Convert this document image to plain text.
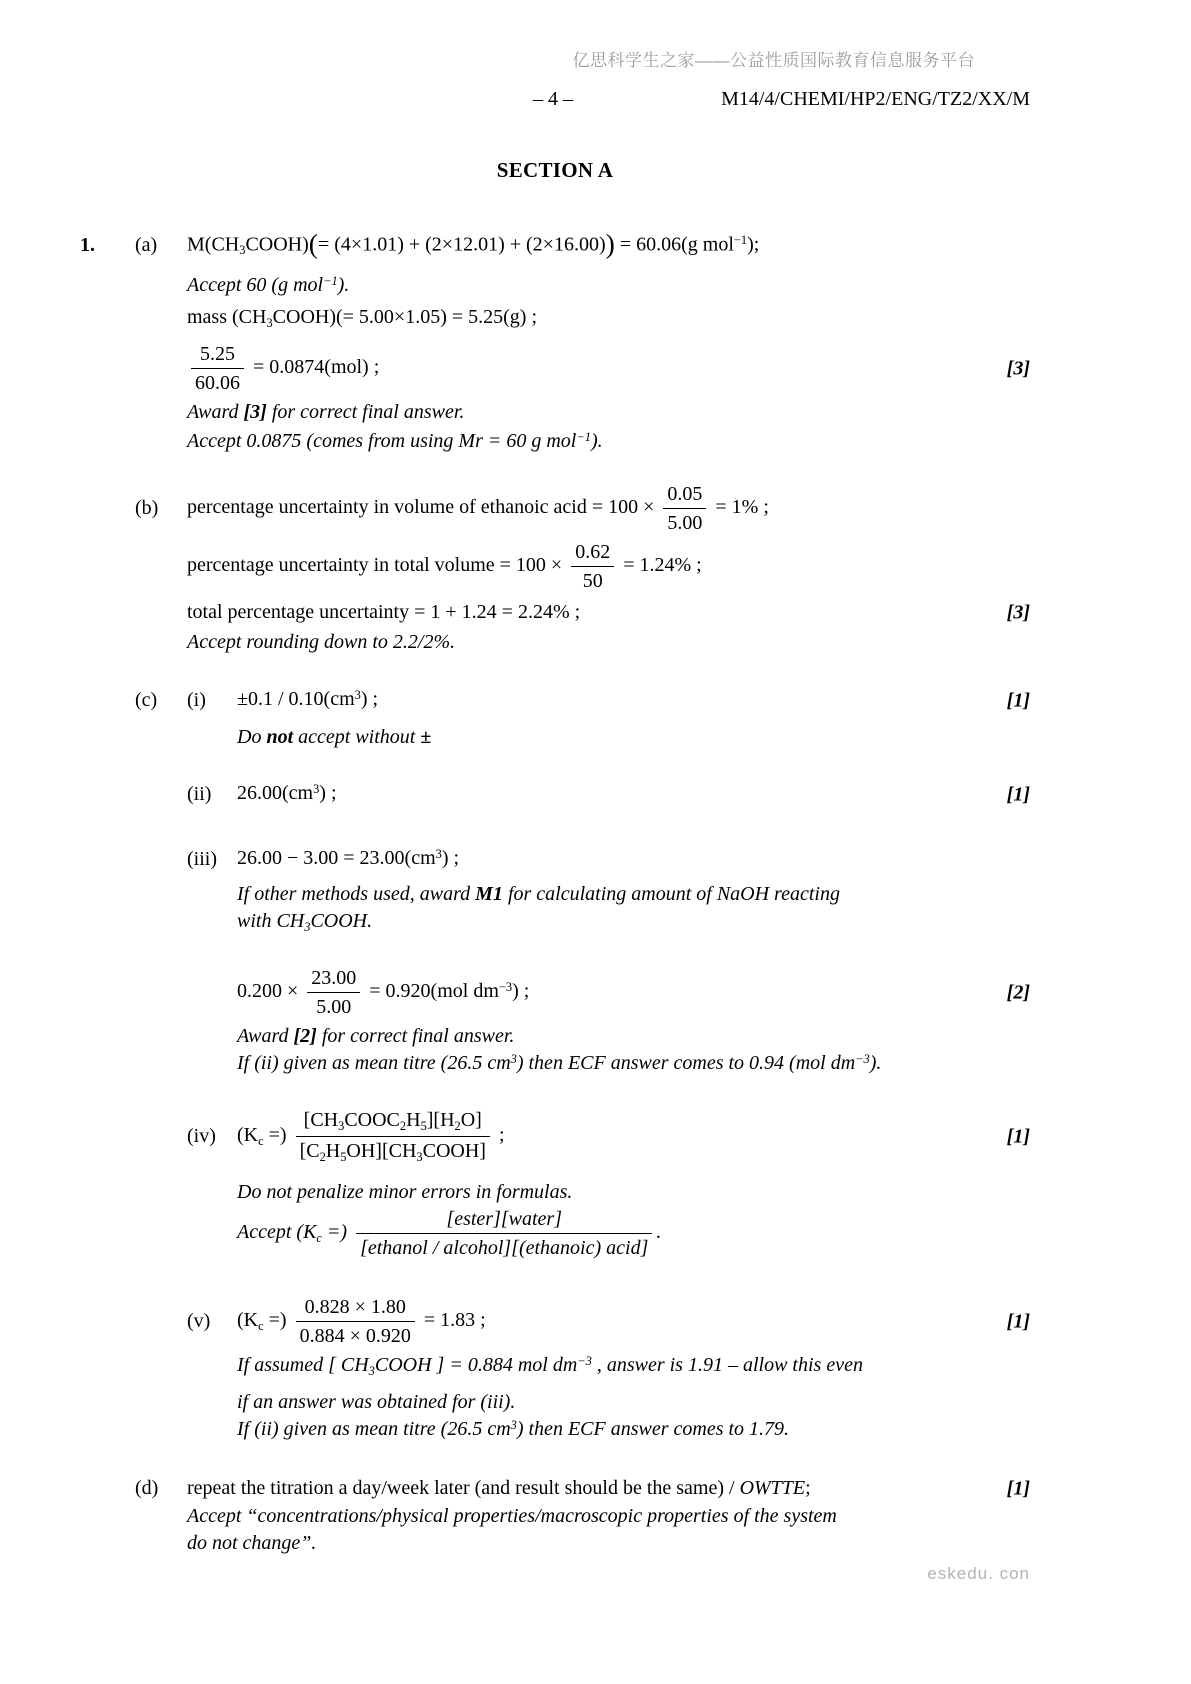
亿思科学生之家——公益性质国际教育信息服务平台
– 4 –	M14/4/CHEMI/HP2/ENG/TZ2/XX/M
SECTION A
1.	(a)	M(CH3COOH)(= (4×1.01) + (2×12.01) + (2×16.00)) = 60.06(g mol$^{-1}$);
Accept 60 (g mol$^{-1}$).
mass (CH3COOH)(= 5.00×1.05) = 5.25(g) ;
$\frac{5.25}{60.06} = 0.0874(mol)$ ;	[3]
Award [3] for correct final answer.
Accept 0.0875 (comes from using Mr = 60 g mol$^{-1}$).
(b)	percentage uncertainty in volume of ethanoic acid = $100 \times \frac{0.05}{5.00} = 1\%$ ;
percentage uncertainty in total volume = $100 \times \frac{0.62}{50} = 1.24\%$ ;
total percentage uncertainty = 1 + 1.24 = 2.24% ;	[3]
Accept rounding down to 2.2/2%.
(c)	(i)	$\pm 0.1 / 0.10(cm^3)$ ;	[1]
Do not accept without ±
(ii)	$26.00(cm^3)$ ;	[1]
(iii)	$26.00 - 3.00 = 23.00(cm^3)$ ;
If other methods used, award M1 for calculating amount of NaOH reacting
with CH3COOH.
$0.200 \times \frac{23.00}{5.00} = 0.920(mol$ $dm^{-3}$) ;	[2]
Award [2] for correct final answer.
If (ii) given as mean titre (26.5 $cm^3$) then ECF answer comes to 0.94 (mol $dm^{-3}$).
(iv)	(Kc =)
[CH3COOC2H5][H2O]
[C2H5OH][CH3COOH]
;	[1]
Do not penalize minor errors in formulas.
Accept (Kc =)
[ester][water]
[ethanol / alcohol][(ethanoic) acid]
.
(v)	(Kc =) $\frac{0.828 \times 1.80}{0.884 \times 0.920} = 1.83$ ;	[1]
If assumed [ CH3COOH ] = 0.884 mol $dm^{-3}$ , answer is 1.91 – allow this even
if an answer was obtained for (iii).
If (ii) given as mean titre (26.5 $cm^3$) then ECF answer comes to 1.79.
(d)	repeat the titration a day/week later (and result should be the same) / OWTTE;	[1]
Accept “concentrations/physical properties/macroscopic properties of the system
do not change”.
eskedu. con
